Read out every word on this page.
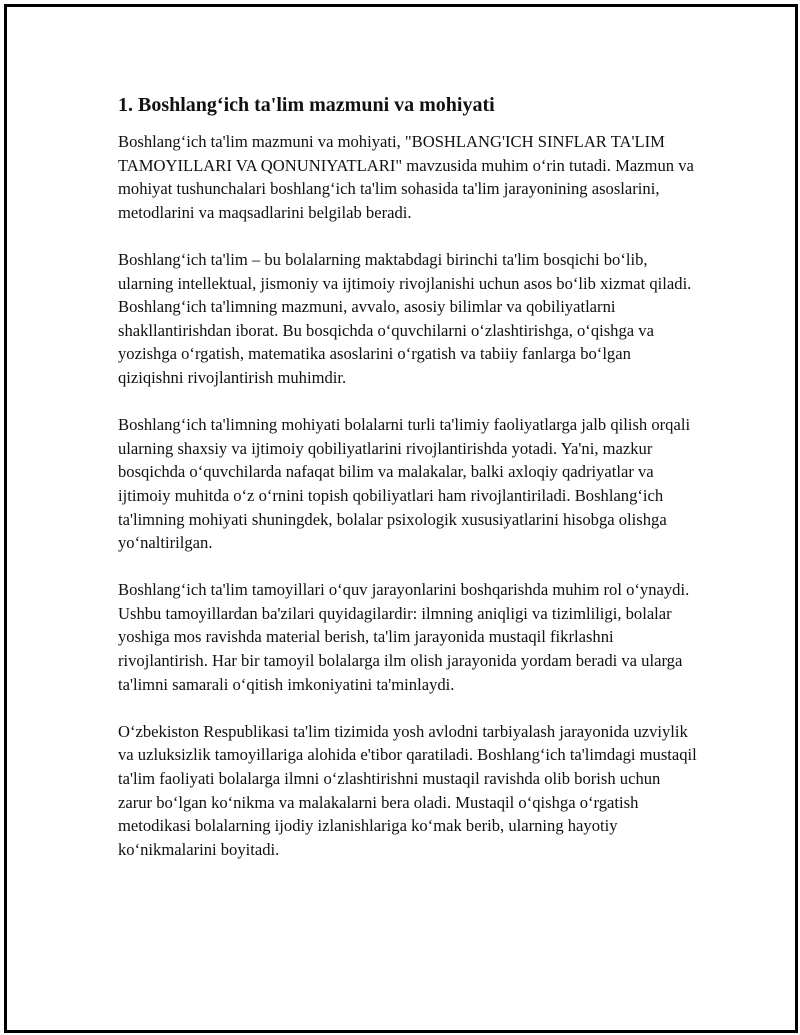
1. Boshlang‘ich ta'lim mazmuni va mohiyati

Boshlang‘ich ta'lim mazmuni va mohiyati, "BOSHLANG'ICH SINFLAR TA'LIM TAMOYILLARI VA QONUNIYATLARI" mavzusida muhim o‘rin tutadi. Mazmun va mohiyat tushunchalari boshlang‘ich ta'lim sohasida ta'lim jarayonining asoslarini, metodlarini va maqsadlarini belgilab beradi.

Boshlang‘ich ta'lim – bu bolalarning maktabdagi birinchi ta'lim bosqichi bo‘lib, ularning intellektual, jismoniy va ijtimoiy rivojlanishi uchun asos bo‘lib xizmat qiladi. Boshlang‘ich ta'limning mazmuni, avvalo, asosiy bilimlar va qobiliyatlarni shakllantirishdan iborat. Bu bosqichda o‘quvchilarni o‘zlashtirishga, o‘qishga va yozishga o‘rgatish, matematika asoslarini o‘rgatish va tabiiy fanlarga bo‘lgan qiziqishni rivojlantirish muhimdir.

Boshlang‘ich ta'limning mohiyati bolalarni turli ta'limiy faoliyatlarga jalb qilish orqali ularning shaxsiy va ijtimoiy qobiliyatlarini rivojlantirishda yotadi. Ya'ni, mazkur bosqichda o‘quvchilarda nafaqat bilim va malakalar, balki axloqiy qadriyatlar va ijtimoiy muhitda o‘z o‘rnini topish qobiliyatlari ham rivojlantiriladi. Boshlang‘ich ta'limning mohiyati shuningdek, bolalar psixologik xususiyatlarini hisobga olishga yo‘naltirilgan.

Boshlang‘ich ta'lim tamoyillari o‘quv jarayonlarini boshqarishda muhim rol o‘ynaydi. Ushbu tamoyillardan ba'zilari quyidagilardir: ilmning aniqligi va tizimliligi, bolalar yoshiga mos ravishda material berish, ta'lim jarayonida mustaqil fikrlashni rivojlantirish. Har bir tamoyil bolalarga ilm olish jarayonida yordam beradi va ularga ta'limni samarali o‘qitish imkoniyatini ta'minlaydi.

O‘zbekiston Respublikasi ta'lim tizimida yosh avlodni tarbiyalash jarayonida uzviylik va uzluksizlik tamoyillariga alohida e'tibor qaratiladi. Boshlang‘ich ta'limdagi mustaqil ta'lim faoliyati bolalarga ilmni o‘zlashtirishni mustaqil ravishda olib borish uchun zarur bo‘lgan ko‘nikma va malakalarni bera oladi. Mustaqil o‘qishga o‘rgatish metodikasi bolalarning ijodiy izlanishlariga ko‘mak berib, ularning hayotiy ko‘nikmalarini boyitadi.
